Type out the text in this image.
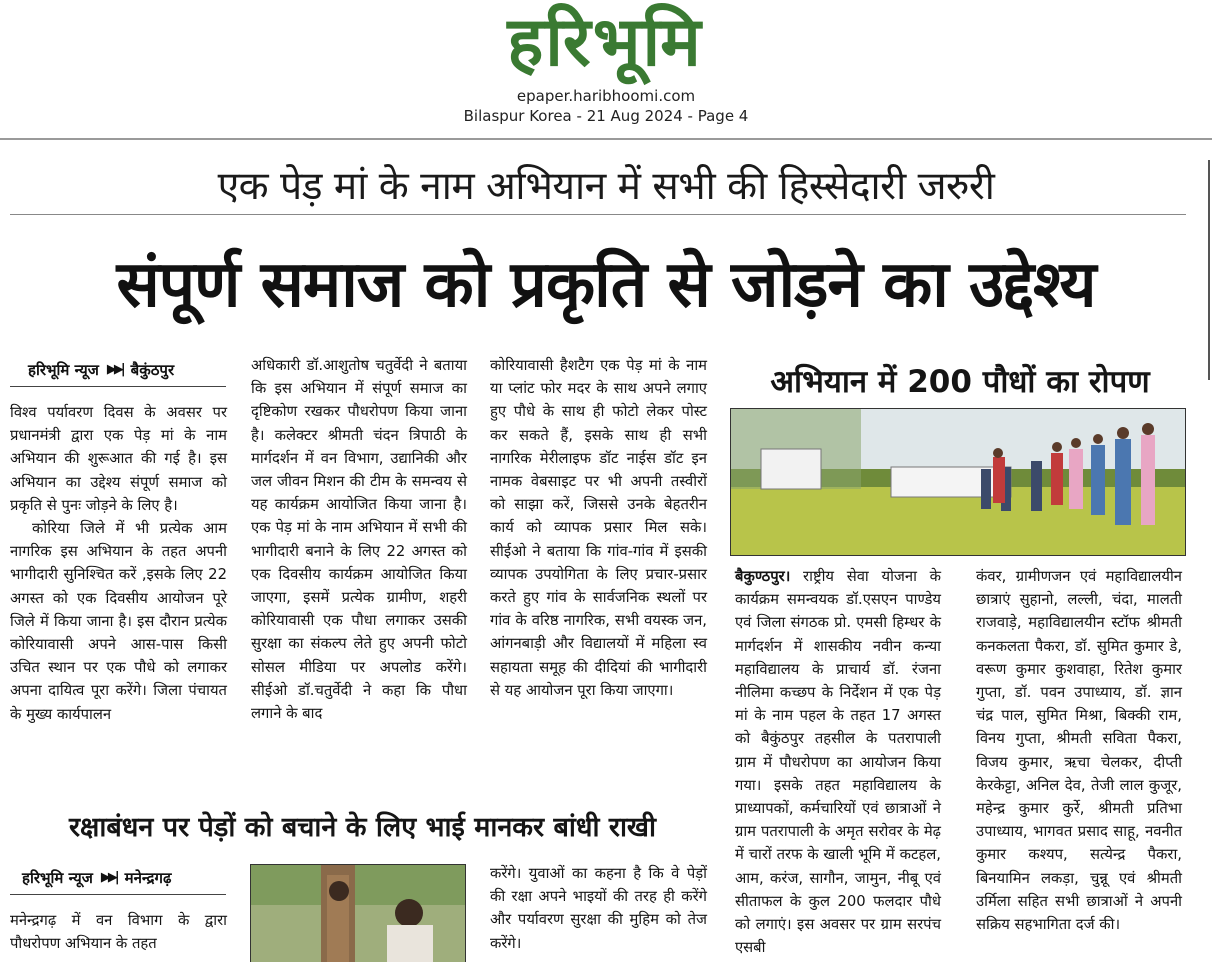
हरिभूमि
epaper.haribhoomi.com
Bilaspur Korea - 21 Aug 2024 - Page 4
एक पेड़ मां के नाम अभियान में सभी की हिस्सेदारी जरुरी
संपूर्ण समाज को प्रकृति से जोड़ने का उद्देश्य
हरिभूमि न्यूज ▶▶| बैकुंठपुर

विश्व पर्यावरण दिवस के अवसर पर प्रधानमंत्री द्वारा एक पेड़ मां के नाम अभियान की शुरूआत की गई है। इस अभियान का उद्देश्य संपूर्ण समाज को प्रकृति से पुनः जोड़ने के लिए है।

कोरिया जिले में भी प्रत्येक आम नागरिक इस अभियान के तहत अपनी भागीदारी सुनिश्चित करें ,इसके लिए 22 अगस्त को एक दिवसीय आयोजन पूरे जिले में किया जाना है। इस दौरान प्रत्येक कोरियावासी अपने आस-पास किसी उचित स्थान पर एक पौधे को लगाकर अपना दायित्व पूरा करेंगे। जिला पंचायत के मुख्य कार्यपालन

अधिकारी डॉ.आशुतोष चतुर्वेदी ने बताया कि इस अभियान में संपूर्ण समाज का दृष्टिकोण रखकर पौधरोपण किया जाना है। कलेक्टर श्रीमती चंदन त्रिपाठी के मार्गदर्शन में वन विभाग, उद्यानिकी और जल जीवन मिशन की टीम के समन्वय से यह कार्यक्रम आयोजित किया जाना है। एक पेड़ मां के नाम अभियान में सभी की भागीदारी बनाने के लिए 22 अगस्त को एक दिवसीय कार्यक्रम आयोजित किया जाएगा, इसमें प्रत्येक ग्रामीण, शहरी कोरियावासी एक पौधा लगाकर उसकी सुरक्षा का संकल्प लेते हुए अपनी फोटो सोसल मीडिया पर अपलोड करेंगे। सीईओ डॉ.चतुर्वेदी ने कहा कि पौधा लगाने के बाद

कोरियावासी हैशटैग एक पेड़ मां के नाम या प्लांट फोर मदर के साथ अपने लगाए हुए पौधे के साथ ही फोटो लेकर पोस्ट कर सकते हैं, इसके साथ ही सभी नागरिक मेरीलाइफ डॉट नाईस डॉट इन नामक वेबसाइट पर भी अपनी तस्वीरों को साझा करें, जिससे उनके बेहतरीन कार्य को व्यापक प्रसार मिल सके। सीईओ ने बताया कि गांव-गांव में इसकी व्यापक उपयोगिता के लिए प्रचार-प्रसार करते हुए गांव के सार्वजनिक स्थलों पर गांव के वरिष्ठ नागरिक, सभी वयस्क जन, आंगनबाड़ी और विद्यालयों में महिला स्व सहायता समूह की दीदियां की भागीदारी से यह आयोजन पूरा किया जाएगा।

अभियान में 200 पौधों का रोपण

बैकुण्ठपुर। राष्ट्रीय सेवा योजना के कार्यक्रम समन्वयक डॉ.एसएन पाण्डेय एवं जिला संगठक प्रो. एमसी हिम्धर के मार्गदर्शन में शासकीय नवीन कन्या महाविद्यालय के प्राचार्य डॉ. रंजना नीलिमा कच्छप के निर्देशन में एक पेड़ मां के नाम पहल के तहत 17 अगस्त को बैकुंठपुर तहसील के पतरापाली ग्राम में पौधरोपण का आयोजन किया गया। इसके तहत महाविद्यालय के प्राध्यापकों, कर्मचारियों एवं छात्राओं ने ग्राम पतरापाली के अमृत सरोवर के मेढ़ में चारों तरफ के खाली भूमि में कटहल, आम, करंज, सागौन, जामुन, नीबू एवं सीताफल के कुल 200 फलदार पौधे को लगाएं। इस अवसर पर ग्राम सरपंच एसबी

कंवर, ग्रामीणजन एवं महाविद्यालयीन छात्राएं सुहानो, लल्ली, चंदा, मालती राजवाड़े, महाविद्यालयीन स्टॉफ श्रीमती कनकलता पैकरा, डॉ. सुमित कुमार डे, वरूण कुमार कुशवाहा, रितेश कुमार गुप्ता, डॉ. पवन उपाध्याय, डॉ. ज्ञान चंद्र पाल, सुमित मिश्रा, बिक्की राम, विनय गुप्ता, श्रीमती सविता पैकरा, विजय कुमार, ऋचा चेलकर, दीप्ती केरकेट्टा, अनिल देव, तेजी लाल कुजूर, महेन्द्र कुमार कुर्रे, श्रीमती प्रतिभा उपाध्याय, भागवत प्रसाद साहू, नवनीत कुमार कश्यप, सत्येन्द्र पैकरा, बिनयामिन लकड़ा, चुन्नू एवं श्रीमती उर्मिला सहित सभी छात्राओं ने अपनी सक्रिय सहभागिता दर्ज की।

रक्षाबंधन पर पेड़ों को बचाने के लिए भाई मानकर बांधी राखी
हरिभूमि न्यूज ▶▶| मनेन्द्रगढ़

मनेन्द्रगढ़ में वन विभाग के द्वारा पौधरोपण अभियान के तहत

करेंगे। युवाओं का कहना है कि वे पेड़ों की रक्षा अपने भाइयों की तरह ही करेंगे और पर्यावरण सुरक्षा की मुहिम को तेज करेंगे।
